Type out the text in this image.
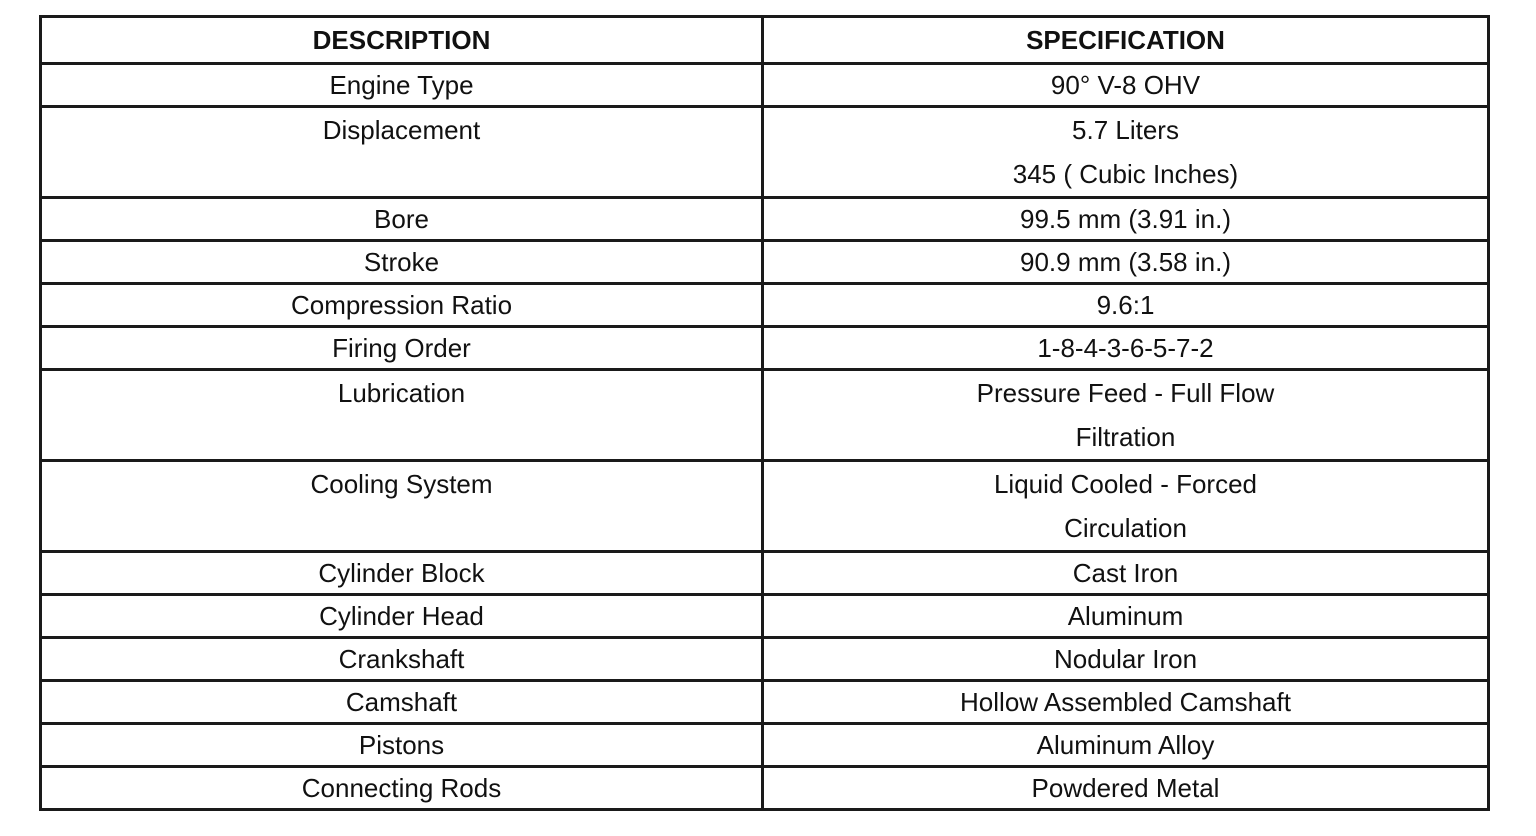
DESCRIPTION	SPECIFICATION
Engine Type	90° V-8 OHV

Displacement	5.7 Liters
345 ( Cubic Inches)

Bore	99.5 mm (3.91 in.)

Stroke	90.9 mm (3.58 in.)

Compression Ratio	9.6:1

Firing Order	1-8-4-3-6-5-7-2

Lubrication	Pressure Feed - Full Flow
Filtration

Cooling System	Liquid Cooled - Forced
Circulation

Cylinder Block	Cast Iron

Cylinder Head	Aluminum

Crankshaft	Nodular Iron

Camshaft	Hollow Assembled Camshaft

Pistons	Aluminum Alloy

Connecting Rods	Powdered Metal
